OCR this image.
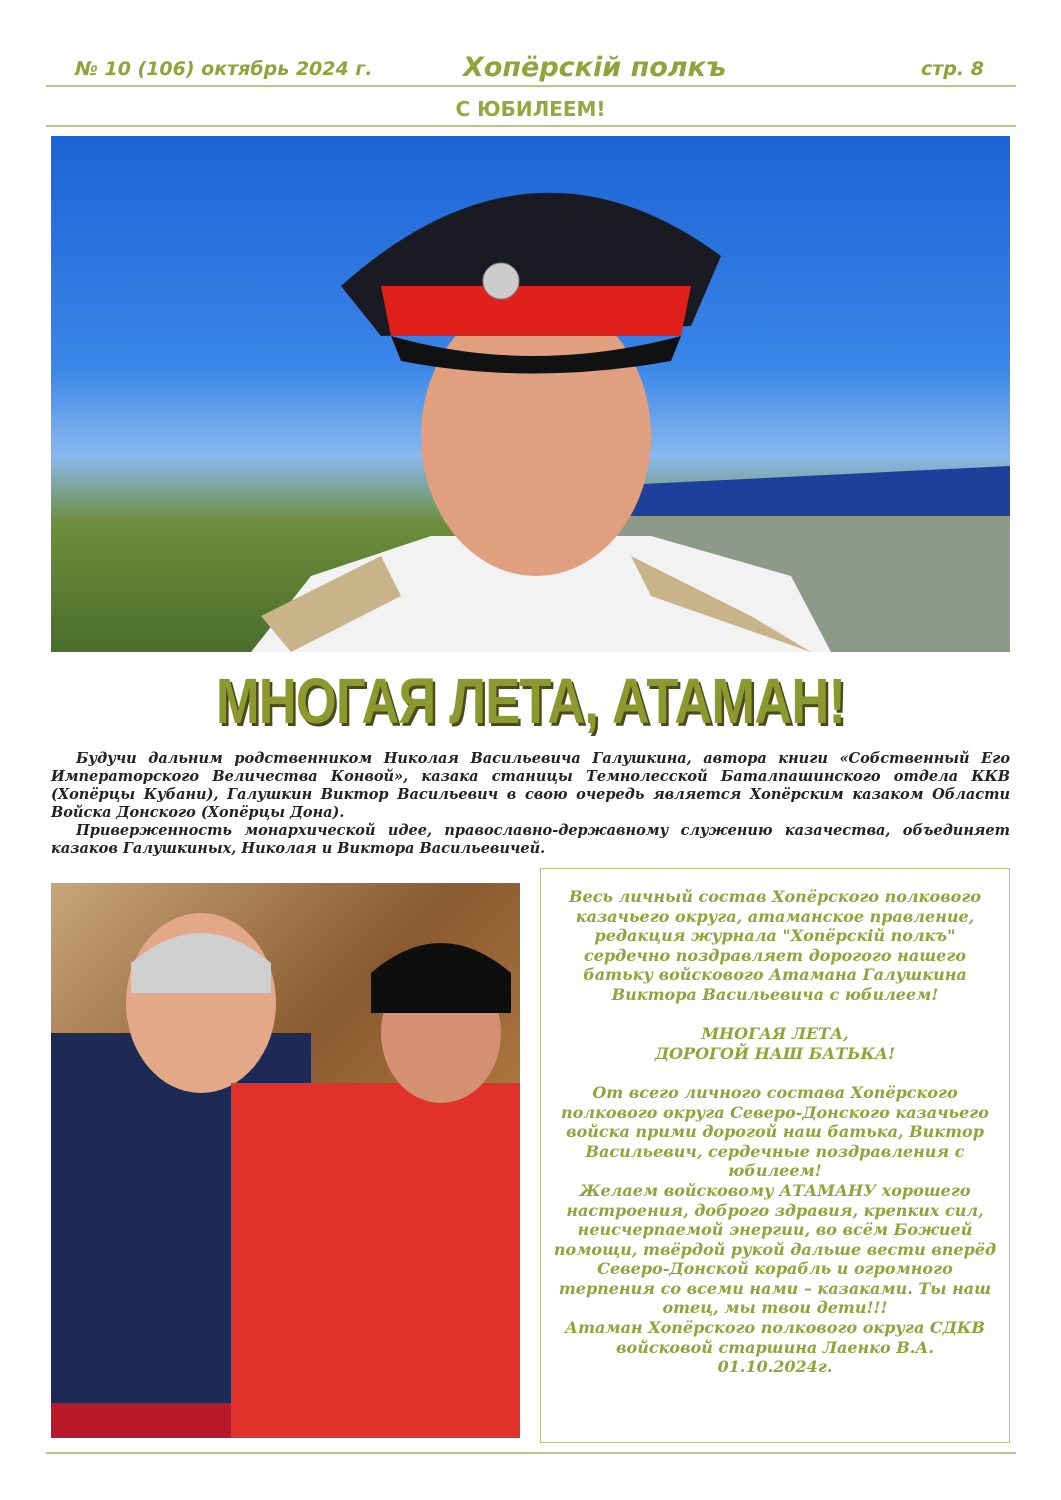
№ 10 (106) октябрь 2024 г.	Хопёрскій полкъ	стр. 8
С ЮБИЛЕЕМ!
МНОГАЯ ЛЕТА, АТАМАН!

Будучи дальним родственником Николая Васильевича Галушкина, автора книги «Собственный Его Императорского Величества Конвой», казака станицы Темнолесской Баталпашинского отдела ККВ (Хопёрцы Кубани), Галушкин Виктор Васильевич в свою очередь является Хопёрским казаком Области Войска Донского (Хопёрцы Дона).

Приверженность монархической идее, православно-державному служению казачества, объединяет казаков Галушкиных, Николая и Виктора Васильевичей.

Весь личный состав Хопёрского полкового казачьего округа, атаманское правление, редакция журнала "Хопёрскій полкъ" сердечно поздравляет дорогого нашего батьку войскового Атамана Галушкина Виктора Васильевича с юбилеем!

МНОГАЯ ЛЕТА,

ДОРОГОЙ НАШ БАТЬКА!

От всего личного состава Хопёрского полкового округа Северо-Донского казачьего войска прими дорогой наш батька, Виктор Васильевич, сердечные поздравления с юбилеем!

Желаем войсковому АТАМАНУ хорошего настроения, доброго здравия, крепких сил, неисчерпаемой энергии, во всём Божией помощи, твёрдой рукой дальше вести вперёд Северо-Донской корабль и огромного терпения со всеми нами – казаками. Ты наш отец, мы твои дети!!!

Атаман Хопёрского полкового округа СДКВ войсковой старшина Лаенко В.А.

01.10.2024г.
